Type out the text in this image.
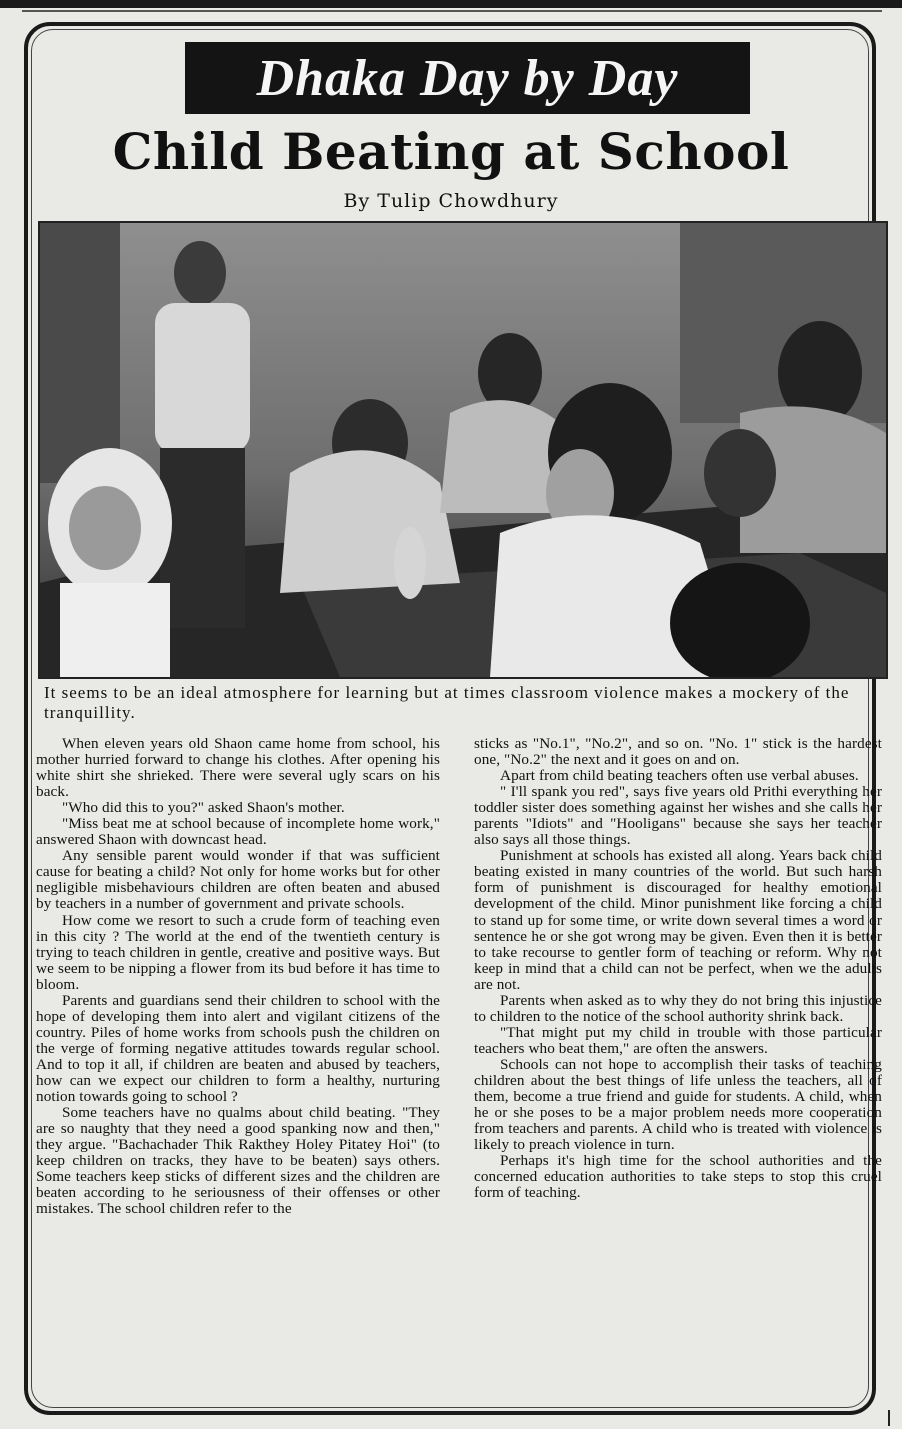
Dhaka Day by Day
Child Beating at School
By Tulip Chowdhury
It seems to be an ideal atmosphere for learning but at times classroom violence makes a mockery of the tranquillity.

When eleven years old Shaon came home from school, his mother hurried forward to change his clothes. After opening his white shirt she shrieked. There were several ugly scars on his back.

"Who did this to you?" asked Shaon's mother.

"Miss beat me at school because of incomplete home work," answered Shaon with downcast head.

Any sensible parent would wonder if that was sufficient cause for beating a child? Not only for home works but for other negligible misbehaviours children are often beaten and abused by teachers in a number of government and private schools.

How come we resort to such a crude form of teaching even in this city ? The world at the end of the twentieth century is trying to teach children in gentle, creative and positive ways. But we seem to be nipping a flower from its bud before it has time to bloom.

Parents and guardians send their children to school with the hope of developing them into alert and vigilant citizens of the country. Piles of home works from schools push the children on the verge of forming negative attitudes towards regular school. And to top it all, if children are beaten and abused by teachers, how can we expect our children to form a healthy, nurturing notion towards going to school ?

Some teachers have no qualms about child beating. "They are so naughty that they need a good spanking now and then," they argue. "Bachachader Thik Rakthey Holey Pitatey Hoi" (to keep children on tracks, they have to be beaten) says others. Some teachers keep sticks of different sizes and the children are beaten according to he seriousness of their offenses or other mistakes. The school children refer to the

sticks as "No.1", "No.2", and so on. "No. 1" stick is the hardest one, "No.2" the next and it goes on and on.

Apart from child beating teachers often use verbal abuses.

" I'll spank you red", says five years old Prithi everything her toddler sister does something against her wishes and she calls her parents "Idiots" and "Hooligans" because she says her teacher also says all those things.

Punishment at schools has existed all along. Years back child beating existed in many countries of the world. But such harsh form of punishment is discouraged for healthy emotional development of the child. Minor punishment like forcing a child to stand up for some time, or write down several times a word or sentence he or she got wrong may be given. Even then it is better to take recourse to gentler form of teaching or reform. Why not keep in mind that a child can not be perfect, when we the adults are not.

Parents when asked as to why they do not bring this injustice to children to the notice of the school authority shrink back.

"That might put my child in trouble with those particular teachers who beat them," are often the answers.

Schools can not hope to accomplish their tasks of teaching children about the best things of life unless the teachers, all of them, become a true friend and guide for students. A child, when he or she poses to be a major problem needs more cooperation from teachers and parents. A child who is treated with violence is likely to preach violence in turn.

Perhaps it's high time for the school authorities and the concerned education authorities to take steps to stop this cruel form of teaching.
